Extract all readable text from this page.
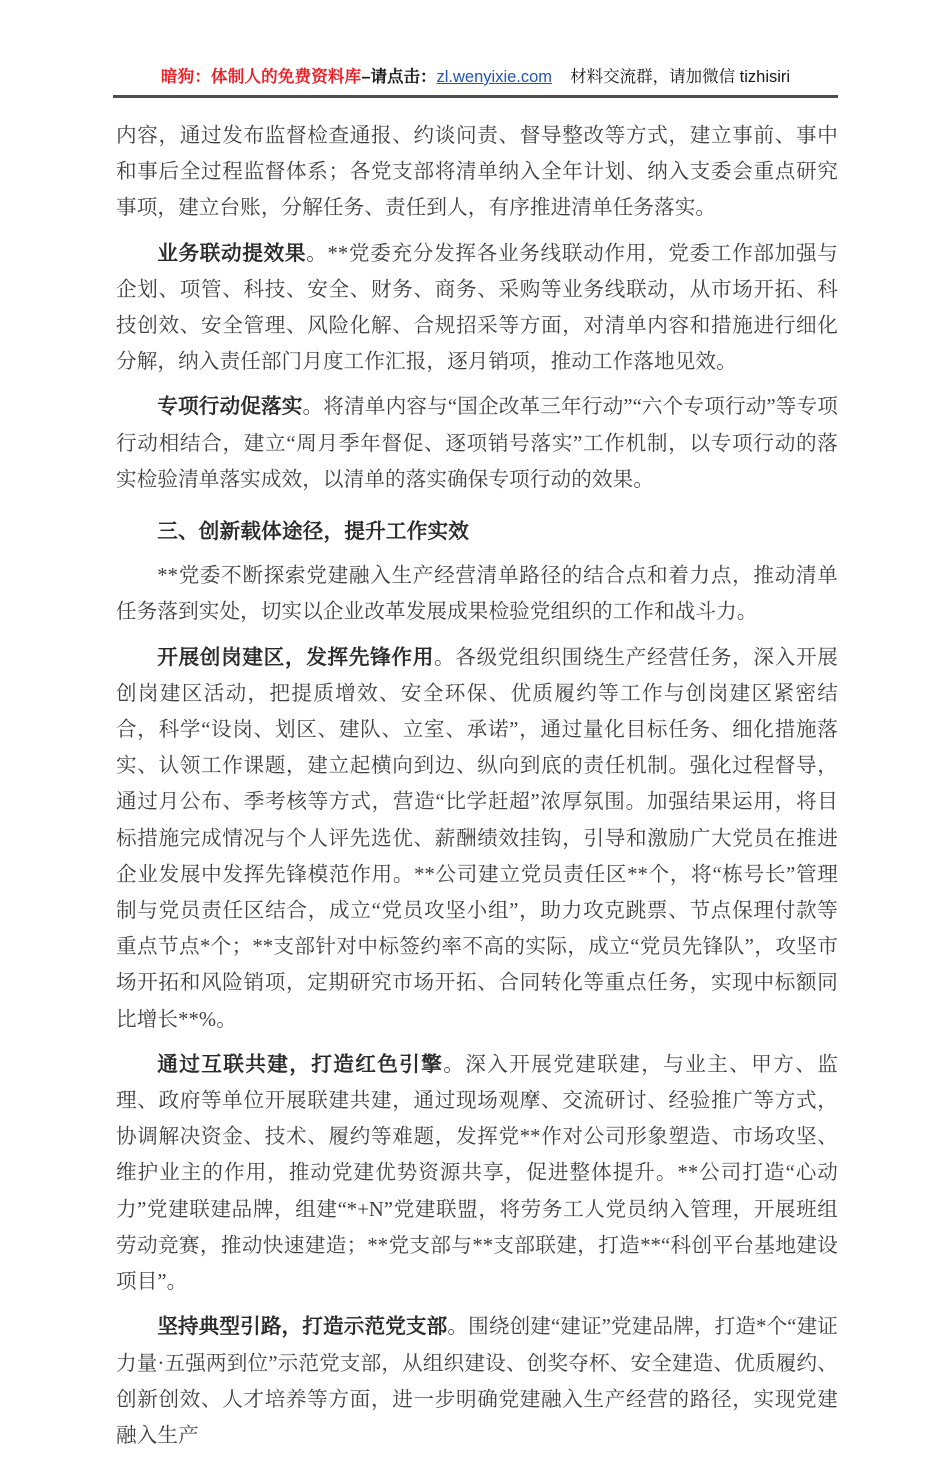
暗狗：体制人的免费资料库–请点击：zl.wenyixie.com 材料交流群，请加微信 tizhisiri

内容，通过发布监督检查通报、约谈问责、督导整改等方式，建立事前、事中和事后全过程监督体系；各党支部将清单纳入全年计划、纳入支委会重点研究事项，建立台账，分解任务、责任到人，有序推进清单任务落实。

业务联动提效果。**党委充分发挥各业务线联动作用，党委工作部加强与企划、项管、科技、安全、财务、商务、采购等业务线联动，从市场开拓、科技创效、安全管理、风险化解、合规招采等方面，对清单内容和措施进行细化分解，纳入责任部门月度工作汇报，逐月销项，推动工作落地见效。

专项行动促落实。将清单内容与“国企改革三年行动”“六个专项行动”等专项行动相结合，建立“周月季年督促、逐项销号落实”工作机制，以专项行动的落实检验清单落实成效，以清单的落实确保专项行动的效果。

三、创新载体途径，提升工作实效

**党委不断探索党建融入生产经营清单路径的结合点和着力点，推动清单任务落到实处，切实以企业改革发展成果检验党组织的工作和战斗力。

开展创岗建区，发挥先锋作用。各级党组织围绕生产经营任务，深入开展创岗建区活动，把提质增效、安全环保、优质履约等工作与创岗建区紧密结合，科学“设岗、划区、建队、立室、承诺”，通过量化目标任务、细化措施落实、认领工作课题，建立起横向到边、纵向到底的责任机制。强化过程督导，通过月公布、季考核等方式，营造“比学赶超”浓厚氛围。加强结果运用，将目标措施完成情况与个人评先选优、薪酬绩效挂钩，引导和激励广大党员在推进企业发展中发挥先锋模范作用。**公司建立党员责任区**个，将“栋号长”管理制与党员责任区结合，成立“党员攻坚小组”，助力攻克跳票、节点保理付款等重点节点*个；**支部针对中标签约率不高的实际，成立“党员先锋队”，攻坚市场开拓和风险销项，定期研究市场开拓、合同转化等重点任务，实现中标额同比增长**%。

通过互联共建，打造红色引擎。深入开展党建联建，与业主、甲方、监理、政府等单位开展联建共建，通过现场观摩、交流研讨、经验推广等方式，协调解决资金、技术、履约等难题，发挥党**作对公司形象塑造、市场攻坚、维护业主的作用，推动党建优势资源共享，促进整体提升。**公司打造“心动力”党建联建品牌，组建“*+N”党建联盟，将劳务工人党员纳入管理，开展班组劳动竞赛，推动快速建造；**党支部与**支部联建，打造**“科创平台基地建设项目”。

坚持典型引路，打造示范党支部。围绕创建“建证”党建品牌，打造*个“建证力量·五强两到位”示范党支部，从组织建设、创奖夺杯、安全建造、优质履约、创新创效、人才培养等方面，进一步明确党建融入生产经营的路径，实现党建融入生产
